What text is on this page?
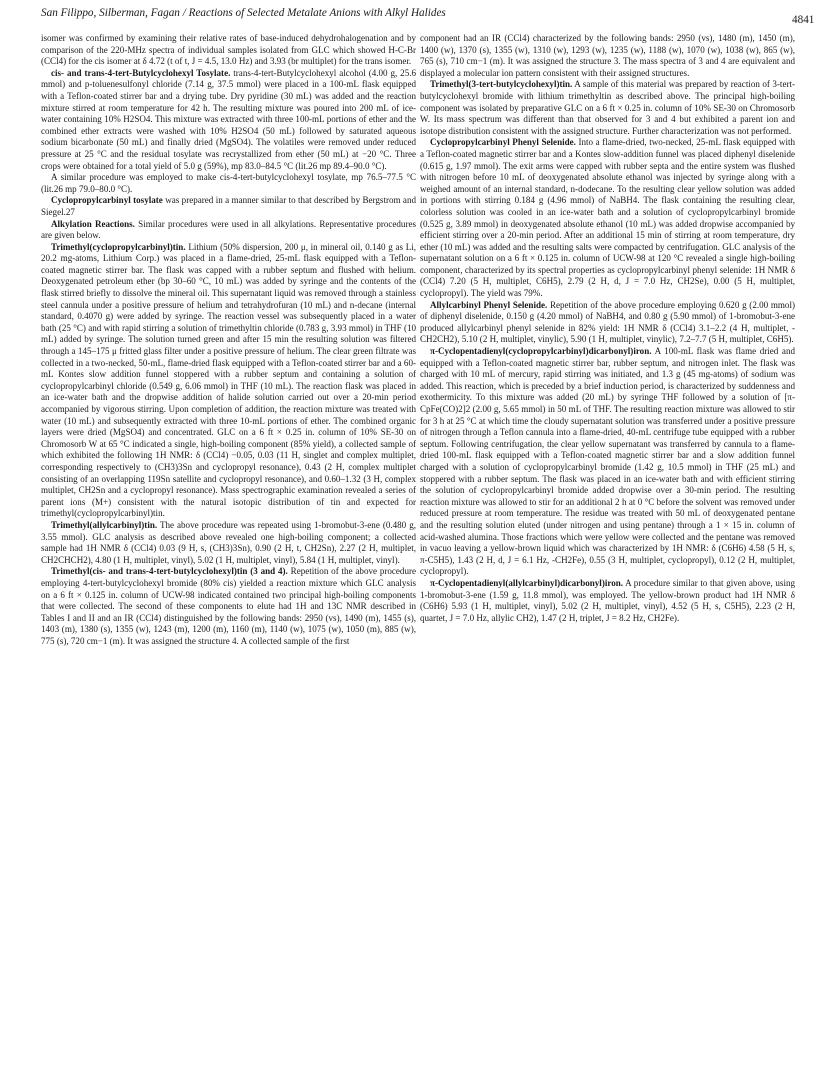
San Filippo, Silberman, Fagan / Reactions of Selected Metalate Anions with Alkyl Halides
4841

isomer was confirmed by examining their relative rates of base-induced dehydrohalogenation and by comparison of the 220-MHz spectra of individual samples isolated from GLC which showed H-C-Br (CCl4) for the cis isomer at δ 4.72 (t of t, J = 4.5, 13.0 Hz) and 3.93 (br multiplet) for the trans isomer.

cis- and trans-4-tert-Butylcyclohexyl Tosylate. trans-4-tert-Butylcyclohexyl alcohol (4.00 g, 25.6 mmol) and p-toluenesulfonyl chloride (7.14 g, 37.5 mmol) were placed in a 100-mL flask equipped with a Teflon-coated stirrer bar and a drying tube. Dry pyridine (30 mL) was added and the reaction mixture stirred at room temperature for 42 h. The resulting mixture was poured into 200 mL of ice-water containing 10% H2SO4. This mixture was extracted with three 100-mL portions of ether and the combined ether extracts were washed with 10% H2SO4 (50 mL) followed by saturated aqueous sodium bicarbonate (50 mL) and finally dried (MgSO4). The volatiles were removed under reduced pressure at 25 °C and the residual tosylate was recrystallized from ether (50 mL) at −20 °C. Three crops were obtained for a total yield of 5.0 g (59%), mp 83.0–84.5 °C (lit.26 mp 89.4–90.0 °C).

A similar procedure was employed to make cis-4-tert-butylcyclohexyl tosylate, mp 76.5–77.5 °C (lit.26 mp 79.0–80.0 °C).

Cyclopropylcarbinyl tosylate was prepared in a manner similar to that described by Bergstrom and Siegel.27

Alkylation Reactions. Similar procedures were used in all alkylations. Representative procedures are given below.

Trimethyl(cyclopropylcarbinyl)tin. Lithium (50% dispersion, 200 μ, in mineral oil, 0.140 g as Li, 20.2 mg-atoms, Lithium Corp.) was placed in a flame-dried, 25-mL flask equipped with a Teflon-coated magnetic stirrer bar. The flask was capped with a rubber septum and flushed with helium. Deoxygenated petroleum ether (bp 30–60 °C, 10 mL) was added by syringe and the contents of the flask stirred briefly to dissolve the mineral oil. This supernatant liquid was removed through a stainless steel cannula under a positive pressure of helium and tetrahydrofuran (10 mL) and n-decane (internal standard, 0.4070 g) were added by syringe. The reaction vessel was subsequently placed in a water bath (25 °C) and with rapid stirring a solution of trimethyltin chloride (0.783 g, 3.93 mmol) in THF (10 mL) added by syringe. The solution turned green and after 15 min the resulting solution was filtered through a 145–175 μ fritted glass filter under a positive pressure of helium. The clear green filtrate was collected in a two-necked, 50-mL, flame-dried flask equipped with a Teflon-coated stirrer bar and a 60-mL Kontes slow addition funnel stoppered with a rubber septum and containing a solution of cyclopropylcarbinyl chloride (0.549 g, 6.06 mmol) in THF (10 mL). The reaction flask was placed in an ice-water bath and the dropwise addition of halide solution carried out over a 20-min period accompanied by vigorous stirring. Upon completion of addition, the reaction mixture was treated with water (10 mL) and subsequently extracted with three 10-mL portions of ether. The combined organic layers were dried (MgSO4) and concentrated. GLC on a 6 ft × 0.25 in. column of 10% SE-30 on Chromosorb W at 65 °C indicated a single, high-boiling component (85% yield), a collected sample of which exhibited the following 1H NMR: δ (CCl4) −0.05, 0.03 (11 H, singlet and complex multiplet, corresponding respectively to (CH3)3Sn and cyclopropyl resonance), 0.43 (2 H, complex multiplet consisting of an overlapping 119Sn satellite and cyclopropyl resonance), and 0.60–1.32 (3 H, complex multiplet, CH2Sn and a cyclopropyl resonance). Mass spectrographic examination revealed a series of parent ions (M+) consistent with the natural isotopic distribution of tin and expected for trimethyl(cyclopropylcarbinyl)tin.

Trimethyl(allylcarbinyl)tin. The above procedure was repeated using 1-bromobut-3-ene (0.480 g, 3.55 mmol). GLC analysis as described above revealed one high-boiling component; a collected sample had 1H NMR δ (CCl4) 0.03 (9 H, s, (CH3)3Sn), 0.90 (2 H, t, CH2Sn), 2.27 (2 H, multiplet, CH2CHCH2), 4.80 (1 H, multiplet, vinyl), 5.02 (1 H, multiplet, vinyl), 5.84 (1 H, multiplet, vinyl).

Trimethyl(cis- and trans-4-tert-butylcyclohexyl)tin (3 and 4). Repetition of the above procedure employing 4-tert-butylcyclohexyl bromide (80% cis) yielded a reaction mixture which GLC analysis on a 6 ft × 0.125 in. column of UCW-98 indicated contained two principal high-boiling components that were collected. The second of these components to elute had 1H and 13C NMR described in Tables I and II and an IR (CCl4) distinguished by the following bands: 2950 (vs), 1490 (m), 1455 (s), 1403 (m), 1380 (s), 1355 (w), 1243 (m), 1200 (m), 1160 (m), 1140 (w), 1075 (w), 1050 (m), 885 (w), 775 (s), 720 cm−1 (m). It was assigned the structure 4. A collected sample of the first

component had an IR (CCl4) characterized by the following bands: 2950 (vs), 1480 (m), 1450 (m), 1400 (w), 1370 (s), 1355 (w), 1310 (w), 1293 (w), 1235 (w), 1188 (w), 1070 (w), 1038 (w), 865 (w), 765 (s), 710 cm−1 (m). It was assigned the structure 3. The mass spectra of 3 and 4 are equivalent and displayed a molecular ion pattern consistent with their assigned structures.

Trimethyl(3-tert-butylcyclohexyl)tin. A sample of this material was prepared by reaction of 3-tert-butylcyclohexyl bromide with lithium trimethyltin as described above. The principal high-boiling component was isolated by preparative GLC on a 6 ft × 0.25 in. column of 10% SE-30 on Chromosorb W. Its mass spectrum was different than that observed for 3 and 4 but exhibited a parent ion and isotope distribution consistent with the assigned structure. Further characterization was not performed.

Cyclopropylcarbinyl Phenyl Selenide. Into a flame-dried, two-necked, 25-mL flask equipped with a Teflon-coated magnetic stirrer bar and a Kontes slow-addition funnel was placed diphenyl diselenide (0.615 g, 1.97 mmol). The exit arms were capped with rubber septa and the entire system was flushed with nitrogen before 10 mL of deoxygenated absolute ethanol was injected by syringe along with a weighed amount of an internal standard, n-dodecane. To the resulting clear yellow solution was added in portions with stirring 0.184 g (4.96 mmol) of NaBH4. The flask containing the resulting clear, colorless solution was cooled in an ice-water bath and a solution of cyclopropylcarbinyl bromide (0.525 g, 3.89 mmol) in deoxygenated absolute ethanol (10 mL) was added dropwise accompanied by efficient stirring over a 20-min period. After an additional 15 min of stirring at room temperature, dry ether (10 mL) was added and the resulting salts were compacted by centrifugation. GLC analysis of the supernatant solution on a 6 ft × 0.125 in. column of UCW-98 at 120 °C revealed a single high-boiling component, characterized by its spectral properties as cyclopropylcarbinyl phenyl selenide: 1H NMR δ (CCl4) 7.20 (5 H, multiplet, C6H5), 2.79 (2 H, d, J = 7.0 Hz, CH2Se), 0.00 (5 H, multiplet, cyclopropyl). The yield was 79%.

Allylcarbinyl Phenyl Selenide. Repetition of the above procedure employing 0.620 g (2.00 mmol) of diphenyl diselenide, 0.150 g (4.20 mmol) of NaBH4, and 0.80 g (5.90 mmol) of 1-bromobut-3-ene produced allylcarbinyl phenyl selenide in 82% yield: 1H NMR δ (CCl4) 3.1–2.2 (4 H, multiplet, -CH2CH2), 5.10 (2 H, multiplet, vinylic), 5.90 (1 H, multiplet, vinylic), 7.2–7.7 (5 H, multiplet, C6H5).

π-Cyclopentadienyl(cyclopropylcarbinyl)dicarbonyl)iron. A 100-mL flask was flame dried and equipped with a Teflon-coated magnetic stirrer bar, rubber septum, and nitrogen inlet. The flask was charged with 10 mL of mercury, rapid stirring was initiated, and 1.3 g (45 mg-atoms) of sodium was added. This reaction, which is preceded by a brief induction period, is characterized by suddenness and exothermicity. To this mixture was added (20 mL) by syringe THF followed by a solution of [π-CpFe(CO)2]2 (2.00 g, 5.65 mmol) in 50 mL of THF. The resulting reaction mixture was allowed to stir for 3 h at 25 °C at which time the cloudy supernatant solution was transferred under a positive pressure of nitrogen through a Teflon cannula into a flame-dried, 40-mL centrifuge tube equipped with a rubber septum. Following centrifugation, the clear yellow supernatant was transferred by cannula to a flame-dried 100-mL flask equipped with a Teflon-coated magnetic stirrer bar and a slow addition funnel charged with a solution of cyclopropylcarbinyl bromide (1.42 g, 10.5 mmol) in THF (25 mL) and stoppered with a rubber septum. The flask was placed in an ice-water bath and with efficient stirring the solution of cyclopropylcarbinyl bromide added dropwise over a 30-min period. The resulting reaction mixture was allowed to stir for an additional 2 h at 0 °C before the solvent was removed under reduced pressure at room temperature. The residue was treated with 50 mL of deoxygenated pentane and the resulting solution eluted (under nitrogen and using pentane) through a 1 × 15 in. column of acid-washed alumina. Those fractions which were yellow were collected and the pentane was removed in vacuo leaving a yellow-brown liquid which was characterized by 1H NMR: δ (C6H6) 4.58 (5 H, s, π-C5H5), 1.43 (2 H, d, J = 6.1 Hz, -CH2Fe), 0.55 (3 H, multiplet, cyclopropyl), 0.12 (2 H, multiplet, cyclopropyl).

π-Cyclopentadienyl(allylcarbinyl)dicarbonyl)iron. A procedure similar to that given above, using 1-bromobut-3-ene (1.59 g, 11.8 mmol), was employed. The yellow-brown product had 1H NMR δ (C6H6) 5.93 (1 H, multiplet, vinyl), 5.02 (2 H, multiplet, vinyl), 4.52 (5 H, s, C5H5), 2.23 (2 H, quartet, J = 7.0 Hz, allylic CH2), 1.47 (2 H, triplet, J = 8.2 Hz, CH2Fe).
